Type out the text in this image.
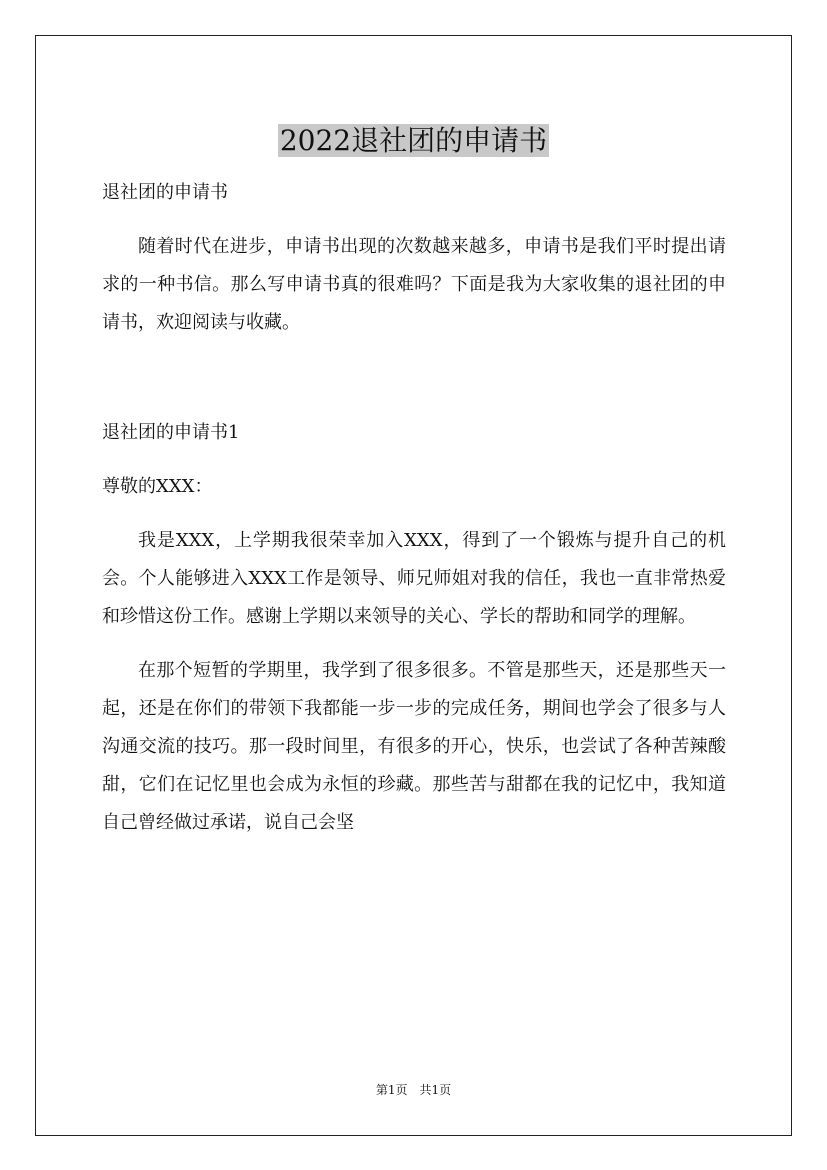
2022退社团的申请书

退社团的申请书

随着时代在进步，申请书出现的次数越来越多，申请书是我们平时提出请求的一种书信。那么写申请书真的很难吗？下面是我为大家收集的退社团的申请书，欢迎阅读与收藏。

退社团的申请书1

尊敬的XXX：

我是XXX，上学期我很荣幸加入XXX，得到了一个锻炼与提升自己的机会。个人能够进入XXX工作是领导、师兄师姐对我的信任，我也一直非常热爱和珍惜这份工作。感谢上学期以来领导的关心、学长的帮助和同学的理解。

在那个短暂的学期里，我学到了很多很多。不管是那些天，还是那些天一起，还是在你们的带领下我都能一步一步的完成任务，期间也学会了很多与人沟通交流的技巧。那一段时间里，有很多的开心，快乐，也尝试了各种苦辣酸甜，它们在记忆里也会成为永恒的珍藏。那些苦与甜都在我的记忆中，我知道自己曾经做过承诺，说自己会坚

第1页 共1页
